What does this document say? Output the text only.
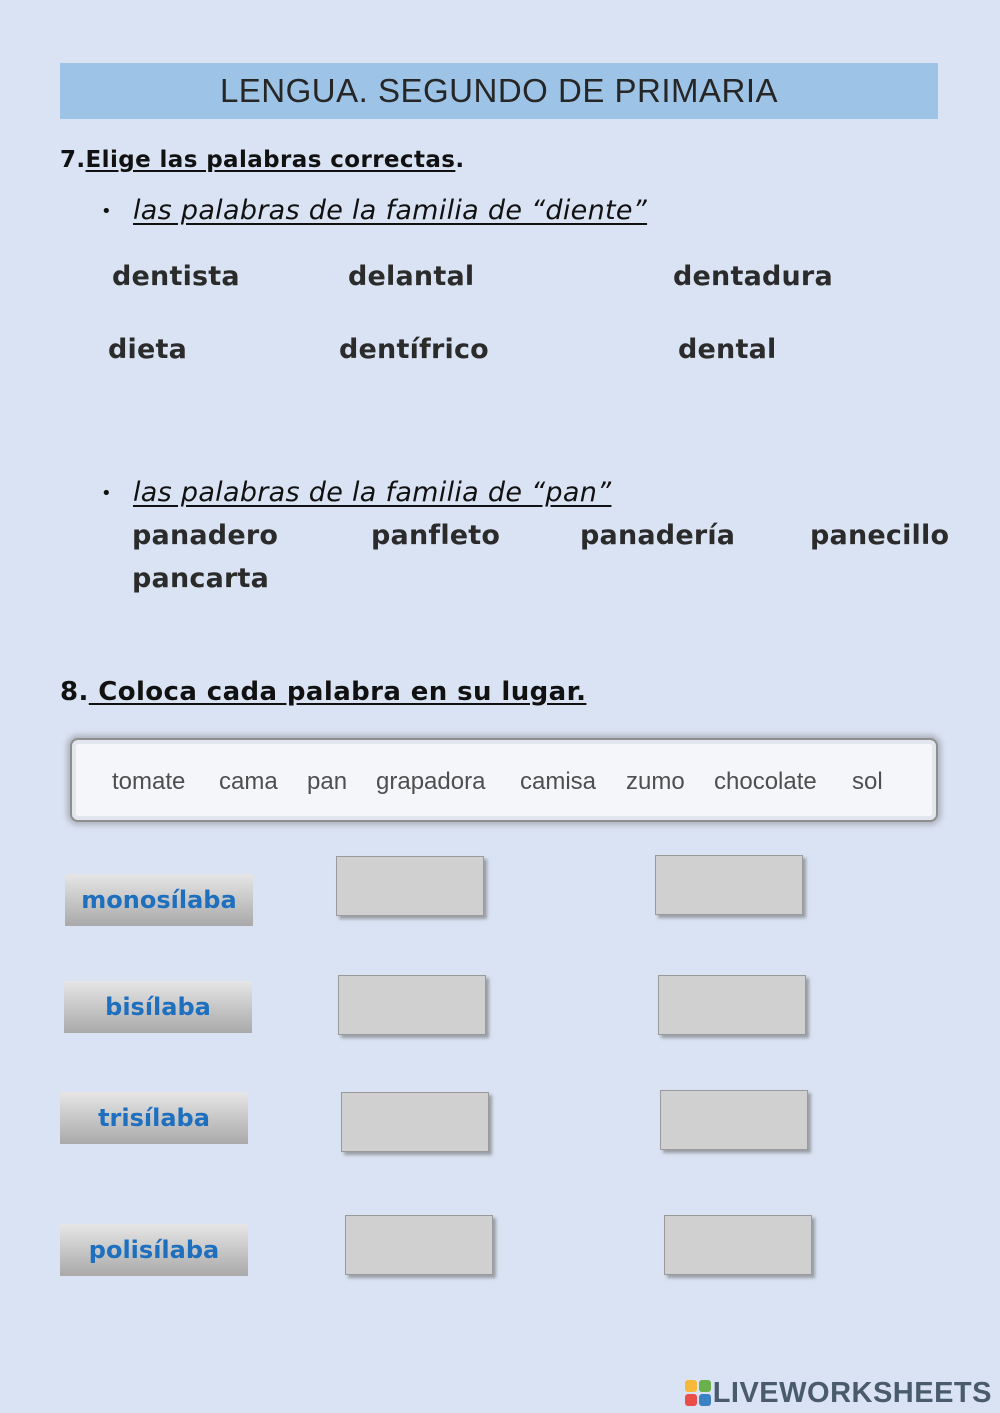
LENGUA. SEGUNDO DE PRIMARIA
7.Elige las palabras correctas.
• las palabras de la familia de “diente”
dentista	delantal	dentadura
dieta	dentífrico	dental
• las palabras de la familia de “pan”
panadero	panfleto	panadería	panecillo
pancarta
8. Coloca cada palabra en su lugar.
tomate cama pan grapadora camisa zumo chocolate sol
monosílaba
bisílaba
trisílaba
polisílaba
LIVEWORKSHEETS
